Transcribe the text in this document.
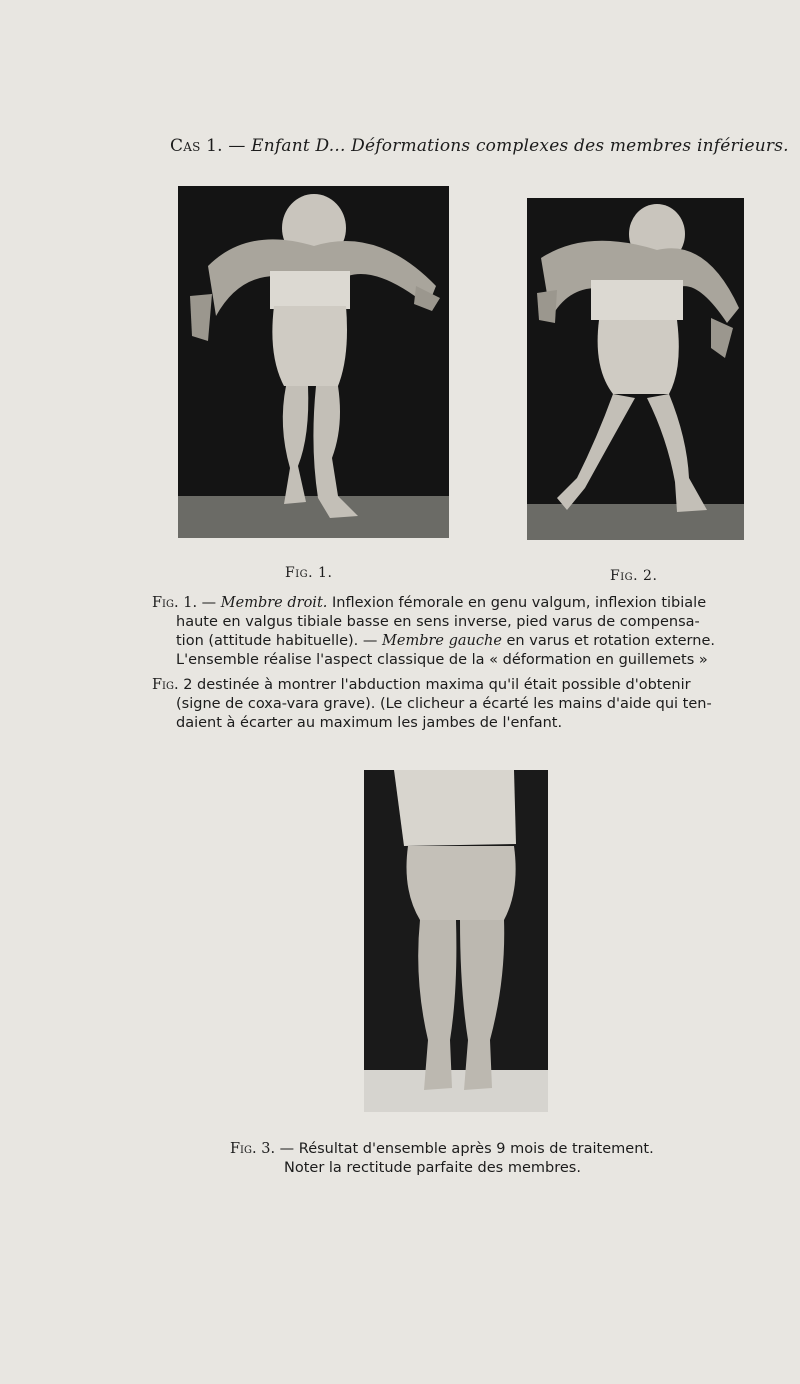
Cas 1. — Enfant D... Déformations complexes des membres inférieurs.
Fig. 1.	Fig. 2.
Fig. 1. — Membre droit. Inflexion fémorale en genu valgum, inflexion tibiale
haute en valgus tibiale basse en sens inverse, pied varus de compensa-
tion (attitude habituelle). — Membre gauche en varus et rotation externe.
L'ensemble réalise l'aspect classique de la « déformation en guillemets »
Fig. 2 destinée à montrer l'abduction maxima qu'il était possible d'obtenir
(signe de coxa-vara grave). (Le clicheur a écarté les mains d'aide qui ten-
daient à écarter au maximum les jambes de l'enfant.
Fig. 3. — Résultat d'ensemble après 9 mois de traitement.
Noter la rectitude parfaite des membres.
